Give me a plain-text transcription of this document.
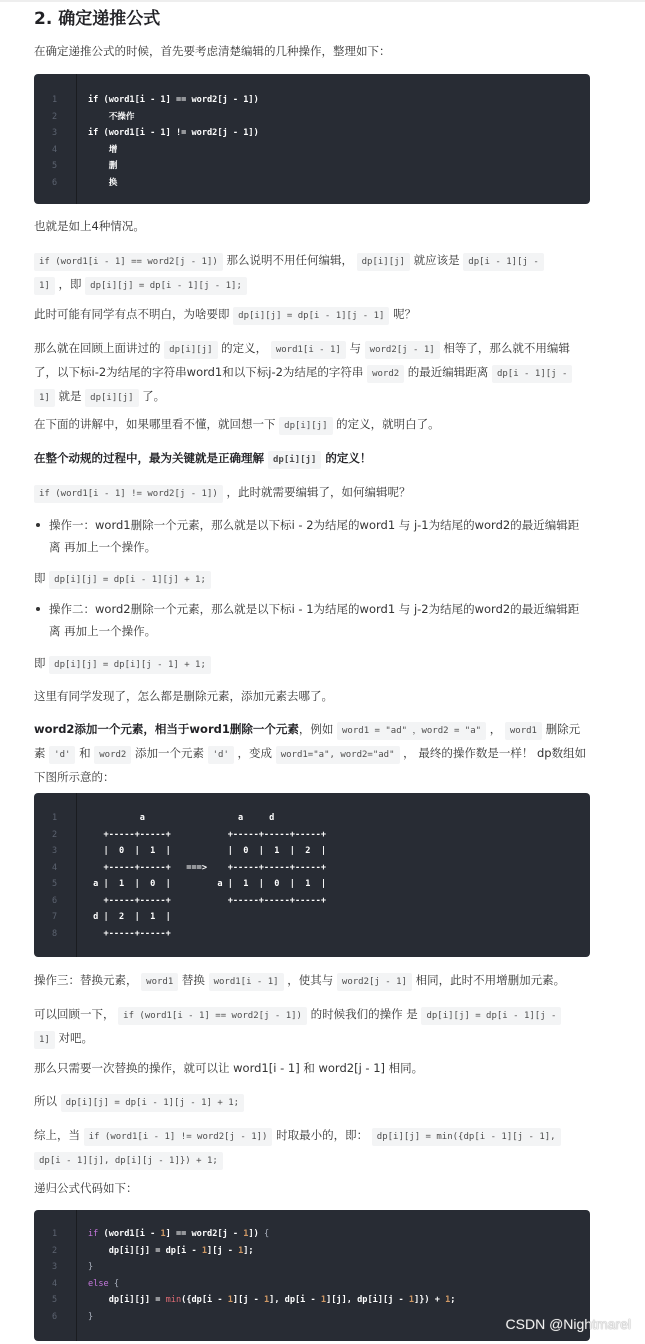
2. 确定递推公式

在确定递推公式的时候，首先要考虑清楚编辑的几种操作，整理如下：

1	if (word1[i - 1] == word2[j - 1])
2	不操作
3	if (word1[i - 1] != word2[j - 1])
4	增
5	删
6	换

也就是如上4种情况。

if (word1[i - 1] == word2[j - 1]) 那么说明不用任何编辑， dp[i][j] 就应该是 dp[i - 1][j -
1] ，即 dp[i][j] = dp[i - 1][j - 1];

此时可能有同学有点不明白，为啥要即 dp[i][j] = dp[i - 1][j - 1] 呢？

那么就在回顾上面讲过的 dp[i][j] 的定义， word1[i - 1] 与 word2[j - 1] 相等了，那么就不用编辑了，以下标i-2为结尾的字符串word1和以下标j-2为结尾的字符串 word2 的最近编辑距离 dp[i - 1][j - 1] 就是 dp[i][j] 了。

在下面的讲解中，如果哪里看不懂，就回想一下 dp[i][j] 的定义，就明白了。

在整个动规的过程中，最为关键就是正确理解 dp[i][j] 的定义！

if (word1[i - 1] != word2[j - 1]) ，此时就需要编辑了，如何编辑呢？

操作一：word1删除一个元素，那么就是以下标i - 2为结尾的word1 与 j-1为结尾的word2的最近编辑距离 再加上一个操作。

即 dp[i][j] = dp[i - 1][j] + 1;

操作二：word2删除一个元素，那么就是以下标i - 1为结尾的word1 与 j-2为结尾的word2的最近编辑距离 再加上一个操作。

即 dp[i][j] = dp[i][j - 1] + 1;

这里有同学发现了，怎么都是删除元素，添加元素去哪了。

word2添加一个元素，相当于word1删除一个元素，例如 word1 = "ad" ，word2 = "a" ， word1 删除元素 'd' 和 word2 添加一个元素 'd' ，变成 word1="a", word2="ad" ， 最终的操作数是一样！ dp数组如下图所示意的：

1	a                  a     d
2	+-----+-----+           +-----+-----+-----+
3	|  0  |  1  |           |  0  |  1  |  2  |
4	+-----+-----+   ===>    +-----+-----+-----+
5	a |  1  |  0  |         a |  1  |  0  |  1  |
6	+-----+-----+           +-----+-----+-----+
7	d |  2  |  1  |
8	+-----+-----+

操作三：替换元素， word1 替换 word1[i - 1] ，使其与 word2[j - 1] 相同，此时不用增删加元素。

可以回顾一下， if (word1[i - 1] == word2[j - 1]) 的时候我们的操作 是 dp[i][j] = dp[i - 1][j -
1] 对吧。

那么只需要一次替换的操作，就可以让 word1[i - 1] 和 word2[j - 1] 相同。

所以 dp[i][j] = dp[i - 1][j - 1] + 1;

综上，当 if (word1[i - 1] != word2[j - 1]) 时取最小的，即： dp[i][j] = min({dp[i - 1][j - 1],
dp[i - 1][j], dp[i][j - 1]}) + 1;

递归公式代码如下：

1	if (word1[i - 1] == word2[j - 1]) {
2	dp[i][j] = dp[i - 1][j - 1];
3	}
4	else {
5	dp[i][j] = min({dp[i - 1][j - 1], dp[i - 1][j], dp[i][j - 1]}) + 1;
6	}	CSDN @Nightmarel
